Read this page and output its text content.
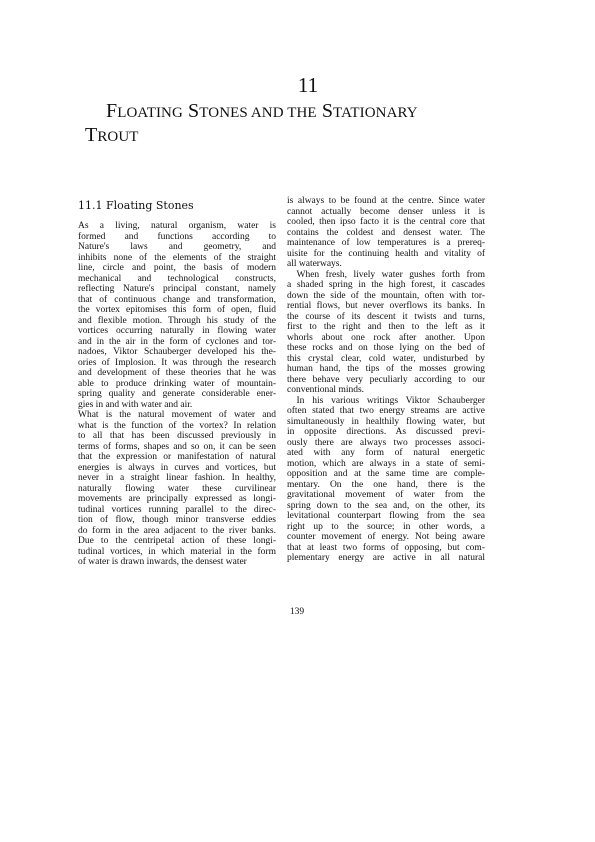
11
FLOATING STONES AND THE STATIONARY
TROUT
11.1 Floating Stones
As a living, natural organism, water is
formed and functions according to
Nature's laws and geometry, and
inhibits none of the elements of the straight
line, circle and point, the basis of modern
mechanical and technological constructs,
reflecting Nature's principal constant, namely
that of continuous change and transformation,
the vortex epitomises this form of open, fluid
and flexible motion. Through his study of the
vortices occurring naturally in flowing water
and in the air in the form of cyclones and tor-
nadoes, Viktor Schauberger developed his the-
ories of Implosion. It was through the research
and development of these theories that he was
able to produce drinking water of mountain-
spring quality and generate considerable ener-
gies in and with water and air.
What is the natural movement of water and
what is the function of the vortex? In relation
to all that has been discussed previously in
terms of forms, shapes and so on, it can be seen
that the expression or manifestation of natural
energies is always in curves and vortices, but
never in a straight linear fashion. In healthy,
naturally flowing water these curvilinear
movements are principally expressed as longi-
tudinal vortices running parallel to the direc-
tion of flow, though minor transverse eddies
do form in the area adjacent to the river banks.
Due to the centripetal action of these longi-
tudinal vortices, in which material in the form
of water is drawn inwards, the densest water
is always to be found at the centre. Since water
cannot actually become denser unless it is
cooled, then ipso facto it is the central core that
contains the coldest and densest water. The
maintenance of low temperatures is a prereq-
uisite for the continuing health and vitality of
all waterways.
 When fresh, lively water gushes forth from
a shaded spring in the high forest, it cascades
down the side of the mountain, often with tor-
rential flows, but never overflows its banks. In
the course of its descent it twists and turns,
first to the right and then to the left as it
whorls about one rock after another. Upon
these rocks and on those lying on the bed of
this crystal clear, cold water, undisturbed by
human hand, the tips of the mosses growing
there behave very peculiarly according to our
conventional minds.
 In his various writings Viktor Schauberger
often stated that two energy streams are active
simultaneously in healthily flowing water, but
in opposite directions. As discussed previ-
ously there are always two processes associ-
ated with any form of natural energetic
motion, which are always in a state of semi-
opposition and at the same time are comple-
mentary. On the one hand, there is the
gravitational movement of water from the
spring down to the sea and, on the other, its
levitational counterpart flowing from the sea
right up to the source; in other words, a
counter movement of energy. Not being aware
that at least two forms of opposing, but com-
plementary energy are active in all natural
139
